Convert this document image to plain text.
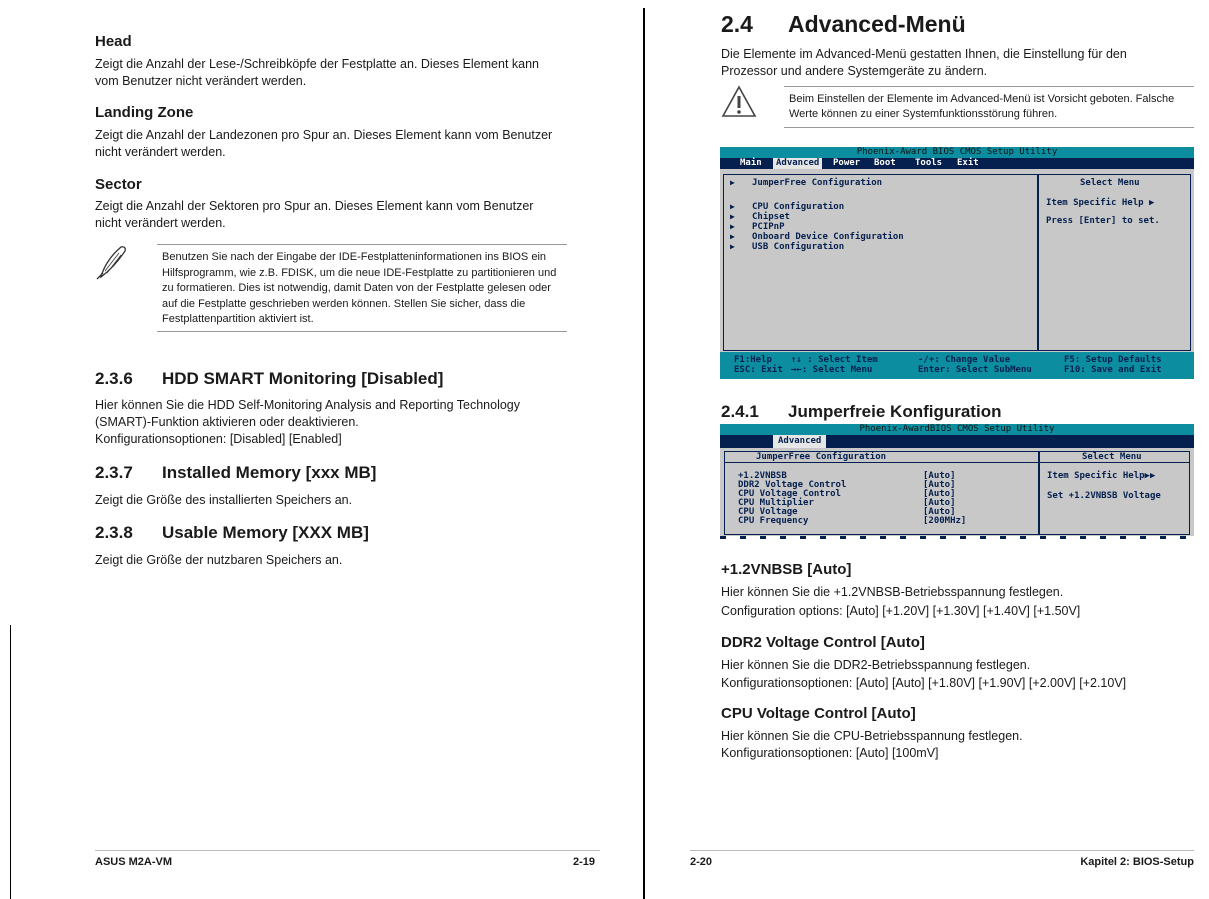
Head
Zeigt die Anzahl der Lese-/Schreibköpfe der Festplatte an. Dieses Element kann vom Benutzer nicht verändert werden.
Landing Zone
Zeigt die Anzahl der Landezonen pro Spur an. Dieses Element kann vom Benutzer nicht verändert werden.
Sector
Zeigt die Anzahl der Sektoren pro Spur an. Dieses Element kann vom Benutzer nicht verändert werden.
Benutzen Sie nach der Eingabe der IDE-Festplatteninformationen ins BIOS ein Hilfsprogramm, wie z.B. FDISK, um die neue IDE-Festplatte zu partitionieren und zu formatieren. Dies ist notwendig, damit Daten von der Festplatte gelesen oder auf die Festplatte geschrieben werden können. Stellen Sie sicher, dass die Festplattenpartition aktiviert ist.
2.3.6 HDD SMART Monitoring [Disabled]
Hier können Sie die HDD Self-Monitoring Analysis and Reporting Technology (SMART)-Funktion aktivieren oder deaktivieren.
Konfigurationsoptionen: [Disabled] [Enabled]
2.3.7 Installed Memory [xxx MB]
Zeigt die Größe des installierten Speichers an.
2.3.8 Usable Memory [XXX MB]
Zeigt die Größe der nutzbaren Speichers an.
ASUS M2A-VM	2-19
2.4 Advanced-Menü
Die Elemente im Advanced-Menü gestatten Ihnen, die Einstellung für den Prozessor und andere Systemgeräte zu ändern.
Beim Einstellen der Elemente im Advanced-Menü ist Vorsicht geboten. Falsche Werte können zu einer Systemfunktionsstörung führen.
Phoenix-Award BIOS CMOS Setup Utility
Main	Advanced	Power Boot Tools Exit
▶ JumperFree Configuration
▶ CPU Configuration
▶ Chipset
▶ PCIPnP
▶ Onboard Device Configuration
▶ USB Configuration
Select Menu
Item Specific Help ▶
Press [Enter] to set.
F1:Help ↑↓ : Select Item	-/+: Change Value	F5: Setup Defaults
ESC: Exit →←: Select Menu	Enter: Select SubMenu	F10: Save and Exit
2.4.1 Jumperfreie Konfiguration
Phoenix-AwardBIOS CMOS Setup Utility
Advanced
JumperFree Configuration	Select Menu
+1.2VNBSB	[Auto]
DDR2 Voltage Control	[Auto]
CPU Voltage Control	[Auto]
CPU Multiplier	[Auto]
CPU Voltage	[Auto]
CPU Frequency	[200MHz]
Item Specific Help▶▶
Set +1.2VNBSB Voltage
+1.2VNBSB [Auto]
Hier können Sie die +1.2VNBSB-Betriebsspannung festlegen.
Configuration options: [Auto] [+1.20V] [+1.30V] [+1.40V] [+1.50V]
DDR2 Voltage Control [Auto]
Hier können Sie die DDR2-Betriebsspannung festlegen.
Konfigurationsoptionen: [Auto] [Auto] [+1.80V] [+1.90V] [+2.00V] [+2.10V]
CPU Voltage Control [Auto]
Hier können Sie die CPU-Betriebsspannung festlegen.
Konfigurationsoptionen: [Auto] [100mV]
2-20	Kapitel 2: BIOS-Setup
